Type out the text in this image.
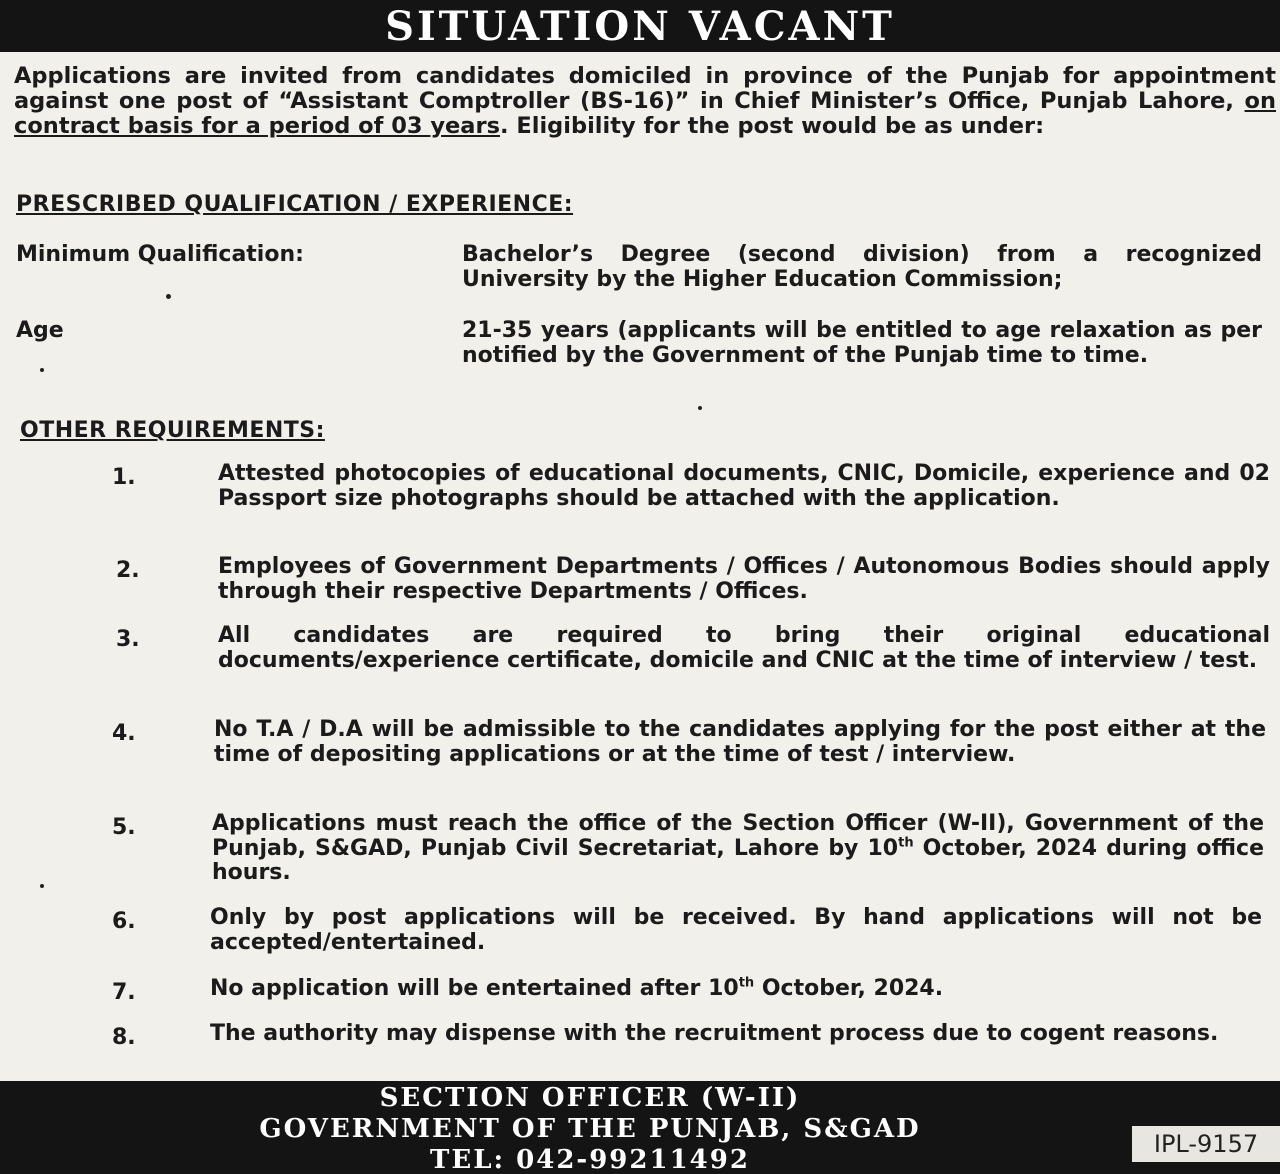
SITUATION VACANT
Applications are invited from candidates domiciled in province of the Punjab for appointment against one post of “Assistant Comptroller (BS-16)” in Chief Minister’s Office, Punjab Lahore, on contract basis for a period of 03 years. Eligibility for the post would be as under:
PRESCRIBED QUALIFICATION / EXPERIENCE:
Minimum Qualification:	Bachelor’s Degree (second division) from a recognized University by the Higher Education Commission;
Age	21-35 years (applicants will be entitled to age relaxation as per notified by the Government of the Punjab time to time.
OTHER REQUIREMENTS:
1.	Attested photocopies of educational documents, CNIC, Domicile, experience and 02 Passport size photographs should be attached with the application.
2.	Employees of Government Departments / Offices / Autonomous Bodies should apply through their respective Departments / Offices.
3.	All candidates are required to bring their original educational documents/experience certificate, domicile and CNIC at the time of interview / test.
4.	No T.A / D.A will be admissible to the candidates applying for the post either at the time of depositing applications or at the time of test / interview.
5.	Applications must reach the office of the Section Officer (W-II), Government of the Punjab, S&GAD, Punjab Civil Secretariat, Lahore by 10th October, 2024 during office hours.
6.	Only by post applications will be received. By hand applications will not be accepted/entertained.
7.	No application will be entertained after 10th October, 2024.
8.	The authority may dispense with the recruitment process due to cogent reasons.
SECTION OFFICER (W-II)
GOVERNMENT OF THE PUNJAB, S&GAD
TEL: 042-99211492
IPL-9157
